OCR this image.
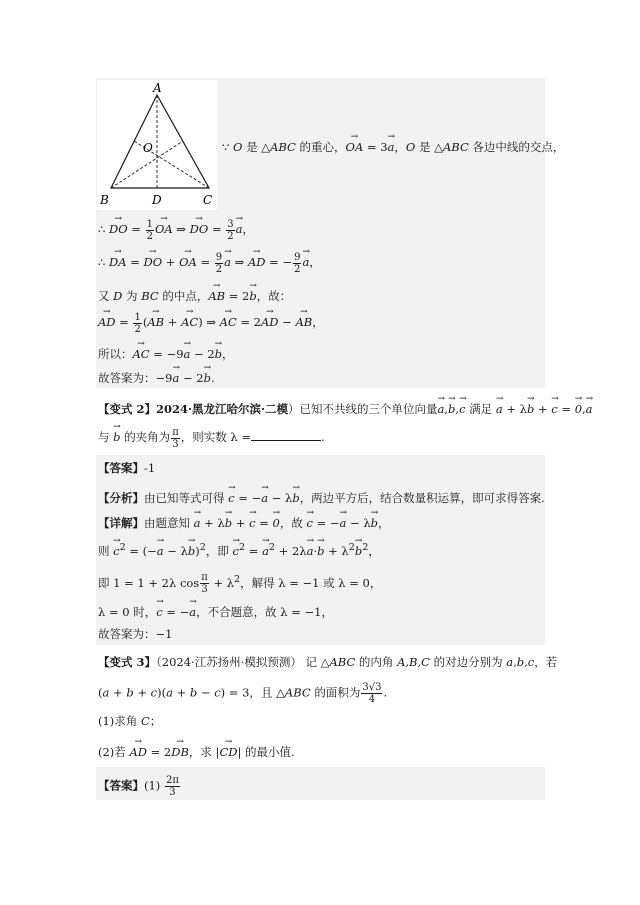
A
O
B	D	C
∵ O 是 △ABC 的重心，→ OA = 3→ a，O 是 △ABC 各边中线的交点，
∴ → DO = $\frac{1}{2}$
→ OA ⇒ → DO = $\frac{3}{2}$
→ a，
∴ → DA = → DO + → OA = $\frac{9}{2}$
→ a ⇒ → AD = − $\frac{9}{2}$
→ a，
又 D 为 BC 的中点，→ AB = 2→ b，故：
→ AD = $\frac{1}{2}$ (→ AB + → AC) ⇒ → AC = 2→ AD − → AB，
所以：→ AC = −9→ a − 2→ b，
故答案为：−9→ a − 2→ b.
【变式 2】2024·黑龙江哈尔滨·二模）已知不共线的三个单位向量→ a,→ b,→ c 满足 → a + λ→ b + → c = → 0,→ a
与 → b 的夹角为 $\frac{\pi}{3}$ ，则实数 λ =	.
【答案】-1
【分析】由已知等式可得 → c = −→ a − λ→ b，两边平方后，结合数量积运算，即可求得答案.
【详解】由题意知 → a + λ→ b + → c = → 0，故 → c = −→ a − λ→ b，
则 → $c^2$ = (−→ a − λ→ b)$^2$，即 → $c^2$ = → $a^2 + 2\lambda\to a\cdot\to b + \lambda^2\to b^2$，
即 1 = 1 + 2λ $\cos \frac{\pi}{3} + \lambda^2$，解得 λ = −1 或 λ = 0，
λ = 0 时，→ c = −→ a，不合题意，故 λ = −1，
故答案为：−1
【变式 3】（2024·江苏扬州·模拟预测） 记 △ABC 的内角 A,B,C 的对边分别为 a,b,c，若
(a + b + c)(a + b − c) = 3，且 △ABC 的面积为 $\frac{3√3}{4}$ .
(1)求角 C；
(2)若 → AD = 2→ DB，求 |→ CD| 的最小值.
【答案】$(1) \frac{2\pi}{3}$
